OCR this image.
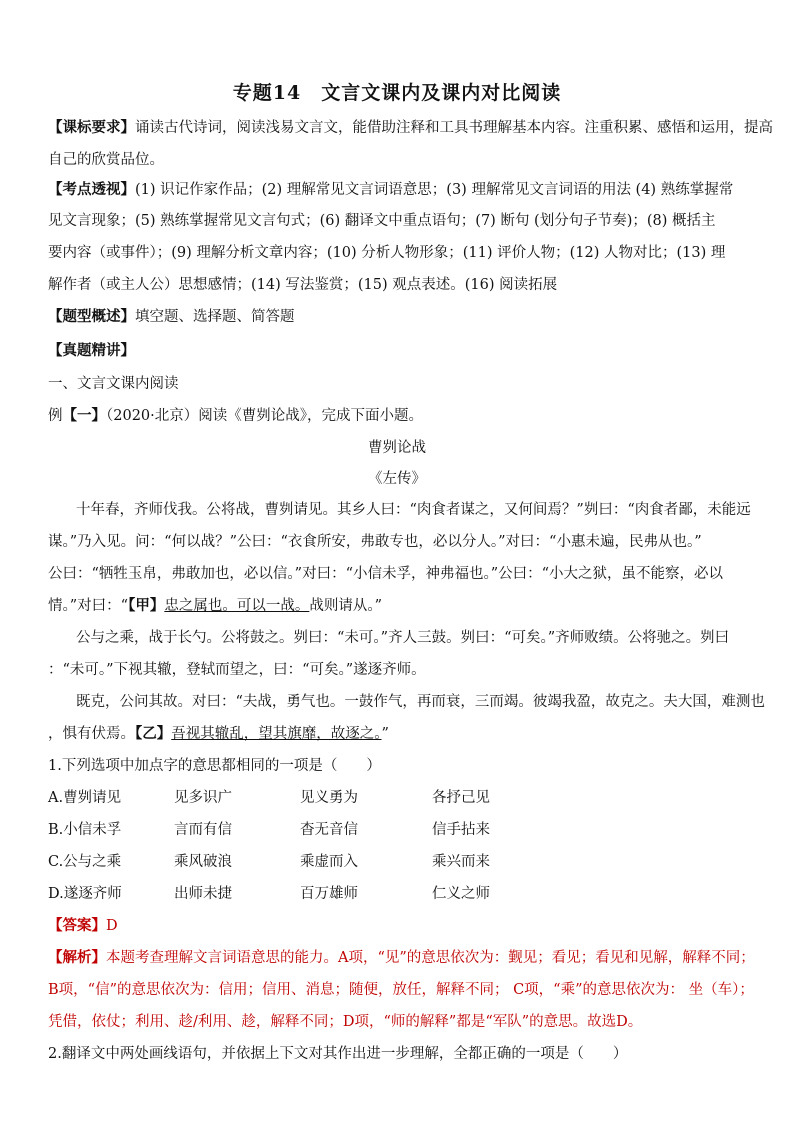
专题14　文言文课内及课内对比阅读
【课标要求】诵读古代诗词，阅读浅易文言文，能借助注释和工具书理解基本内容。注重积累、感悟和运用，提高
自己的欣赏品位。
【考点透视】(1) 识记作家作品；(2) 理解常见文言词语意思；(3) 理解常见文言词语的用法 (4) 熟练掌握常
见文言现象；(5) 熟练掌握常见文言句式；(6) 翻译文中重点语句；(7) 断句 (划分句子节奏)；(8) 概括主
要内容（或事件）；(9) 理解分析文章内容；(10) 分析人物形象；(11) 评价人物；(12) 人物对比；(13) 理
解作者（或主人公）思想感情；(14) 写法鉴赏；(15) 观点表述。(16) 阅读拓展
【题型概述】填空题、选择题、简答题
【真题精讲】
一、文言文课内阅读
例【一】（2020·北京）阅读《曹刿论战》，完成下面小题。
曹刿论战
《左传》
十年春，齐师伐我。公将战，曹刿请见。其乡人曰：“肉食者谋之，又何间焉？”刿曰：“肉食者鄙，未能远
谋。”乃入见。问：“何以战？”公曰：“衣食所安，弗敢专也，必以分人。”对曰：“小惠未遍，民弗从也。”
公曰：“牺牲玉帛，弗敢加也，必以信。”对曰：“小信未孚，神弗福也。”公曰：“小大之狱，虽不能察，必以
情。”对曰：“【甲】忠之属也。可以一战。战则请从。”
公与之乘，战于长勺。公将鼓之。刿曰：“未可。”齐人三鼓。刿曰：“可矣。”齐师败绩。公将驰之。刿曰
：“未可。”下视其辙，登轼而望之，曰：“可矣。”遂逐齐师。
既克，公问其故。对曰：“夫战，勇气也。一鼓作气，再而衰，三而竭。彼竭我盈，故克之。夫大国，难测也
，惧有伏焉。【乙】吾视其辙乱，望其旗靡，故逐之。”
1.下列选项中加点字的意思都相同的一项是（　　）
A.曹刿请见	见多识广	见义勇为	各抒己见
B.小信未孚	言而有信	杳无音信	信手拈来
C.公与之乘	乘风破浪	乘虚而入	乘兴而来
D.遂逐齐师	出师未捷	百万雄师	仁义之师
【答案】D
【解析】本题考查理解文言词语意思的能力。A项，“见”的意思依次为：觐见；看见；看见和见解，解释不同；
B项，“信”的意思依次为：信用；信用、消息；随便，放任，解释不同； C项，“乘”的意思依次为： 坐（车）；
凭借，依仗；利用、趁/利用、趁，解释不同；D项，“师的解释”都是“军队”的意思。故选D。
2.翻译文中两处画线语句，并依据上下文对其作出进一步理解，全都正确的一项是（　　）
